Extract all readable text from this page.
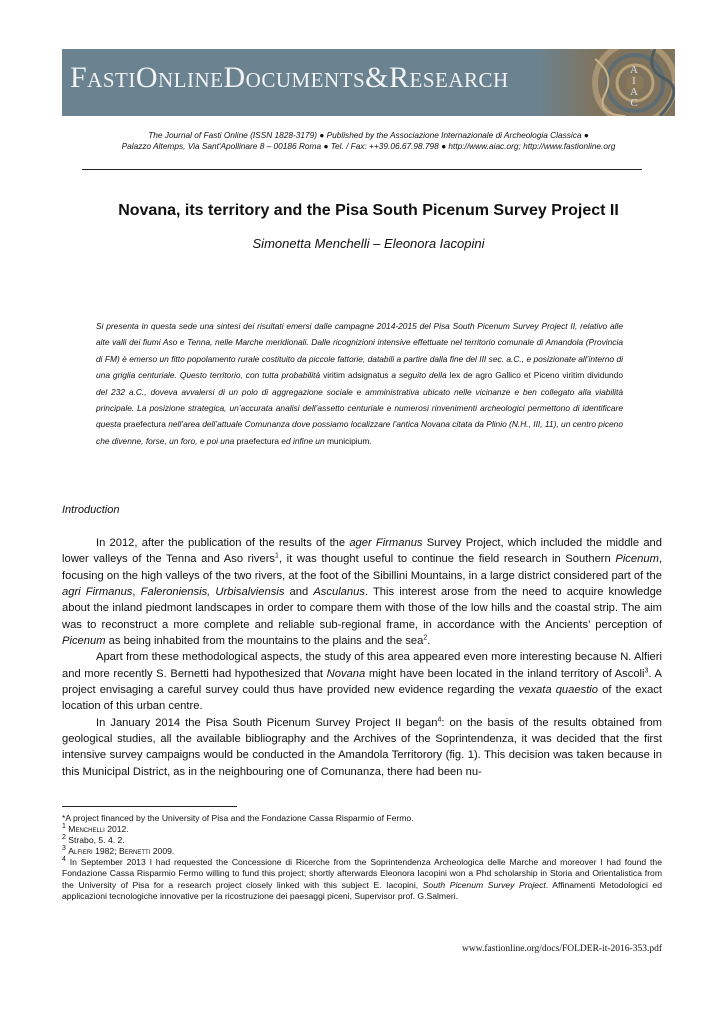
FastiOnlineDocuments&Research	A
I
A
C
The Journal of Fasti Online (ISSN 1828-3179) ● Published by the Associazione Internazionale di Archeologia Classica ●
Palazzo Altemps, Via Sant'Apollinare 8 – 00186 Roma ● Tel. / Fax: ++39.06.67.98.798 ● http://www.aiac.org; http://www.fastionline.org
Novana, its territory and the Pisa South Picenum Survey Project II
Simonetta Menchelli – Eleonora Iacopini

Si presenta in questa sede una sintesi dei risultati emersi dalle campagne 2014-2015 del Pisa South Picenum Survey Project II, relativo alle alte valli dei fiumi Aso e Tenna, nelle Marche meridionali. Dalle ricognizioni intensive effettuate nel territorio comunale di Amandola (Provincia di FM) è emerso un fitto popolamento rurale costituito da piccole fattorie, databili a partire dalla fine del III sec. a.C., e posizionate all’interno di una griglia centuriale. Questo territorio, con tutta probabilità viritim adsignatus a seguito della lex de agro Gallico et Piceno viritim dividundo del 232 a.C., doveva avvalersi di un polo di aggregazione sociale e amministrativa ubicato nelle vicinanze e ben collegato alla viabilità principale. La posizione strategica, un’accurata analisi dell’assetto centuriale e numerosi rinvenimenti archeologici permettono di identificare questa praefectura nell’area dell’attuale Comunanza dove possiamo localizzare l’antica Novana citata da Plinio (N.H., III, 11), un centro piceno che divenne, forse, un foro, e poi una praefectura ed infine un municipium.

Introduction

In 2012, after the publication of the results of the ager Firmanus Survey Project, which included the middle and lower valleys of the Tenna and Aso rivers$^1$, it was thought useful to continue the field research in Southern Picenum, focusing on the high valleys of the two rivers, at the foot of the Sibillini Mountains, in a large district considered part of the agri Firmanus, Faleroniensis, Urbisalviensis and Asculanus. This interest arose from the need to acquire knowledge about the inland piedmont landscapes in order to compare them with those of the low hills and the coastal strip. The aim was to reconstruct a more complete and reliable sub-regional frame, in accordance with the Ancients’ perception of Picenum as being inhabited from the mountains to the plains and the sea$^2$.

Apart from these methodological aspects, the study of this area appeared even more interesting because N. Alfieri and more recently S. Bernetti had hypothesized that Novana might have been located in the inland territory of Ascoli$^3$. A project envisaging a careful survey could thus have provided new evidence regarding the vexata quaestio of the exact location of this urban centre.

In January 2014 the Pisa South Picenum Survey Project II began$^4$: on the basis of the results obtained from geological studies, all the available bibliography and the Archives of the Soprintendenza, it was decided that the first intensive survey campaigns would be conducted in the Amandola Territorory (fig. 1). This decision was taken because in this Municipal District, as in the neighbouring one of Comunanza, there had been nu-

*A project financed by the University of Pisa and the Fondazione Cassa Risparmio of Fermo.

$^1$ Menchelli 2012.

$^2$ Strabo, 5. 4. 2.

$^3$ Alfieri 1982; Bernetti 2009.

$^4$ In September 2013 I had requested the Concessione di Ricerche from the Soprintendenza Archeologica delle Marche and moreover I had found the Fondazione Cassa Risparmio Fermo willing to fund this project; shortly afterwards Eleonora Iacopini won a Phd scholarship in Storia and Orientalistica from the University of Pisa for a research project closely linked with this subject E. Iacopini, South Picenum Survey Project. Affinamenti Metodologici ed applicazioni tecnologiche innovative per la ricostruzione dei paesaggi piceni, Supervisor prof. G.Salmeri.

www.fastionline.org/docs/FOLDER-it-2016-353.pdf
